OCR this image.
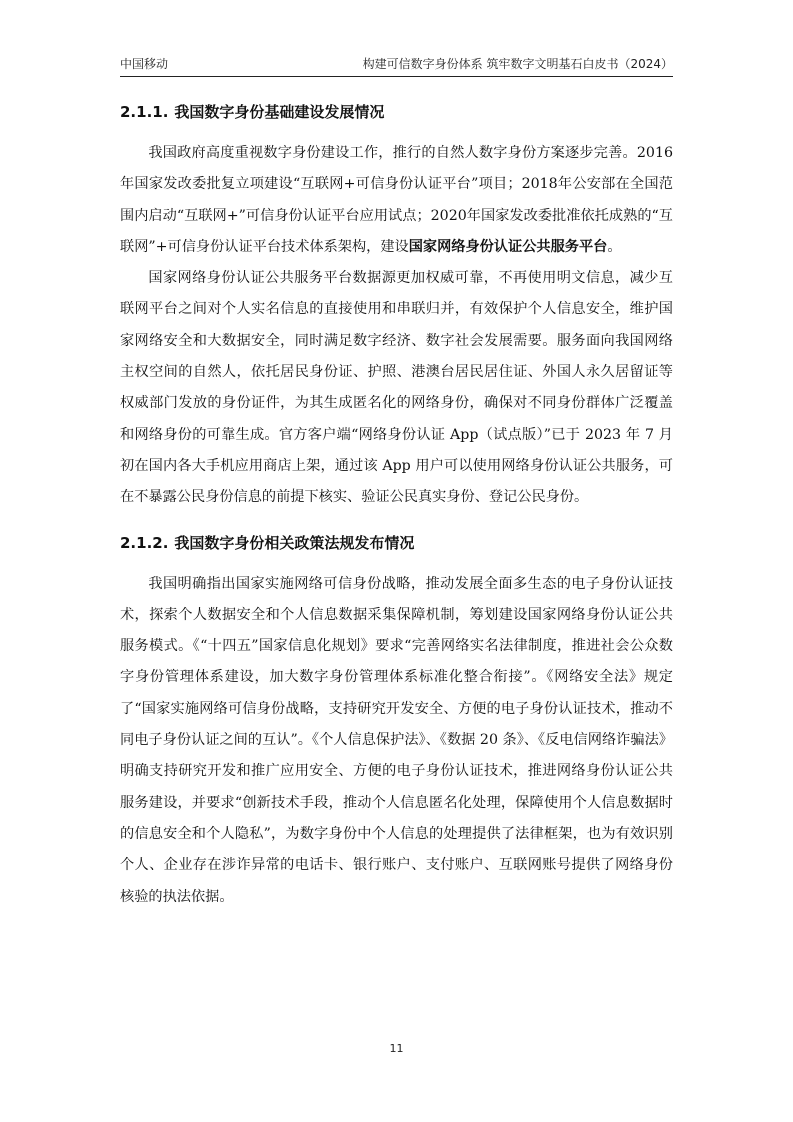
中国移动	构建可信数字身份体系 筑牢数字文明基石白皮书（2024）
2.1.1. 我国数字身份基础建设发展情况

我国政府高度重视数字身份建设工作，推行的自然人数字身份方案逐步完善。2016年国家发改委批复立项建设“互联网+可信身份认证平台”项目；2018年公安部在全国范围内启动“互联网+”可信身份认证平台应用试点；2020年国家发改委批准依托成熟的“互联网”+可信身份认证平台技术体系架构，建设国家网络身份认证公共服务平台。

国家网络身份认证公共服务平台数据源更加权威可靠，不再使用明文信息，减少互联网平台之间对个人实名信息的直接使用和串联归并，有效保护个人信息安全，维护国家网络安全和大数据安全，同时满足数字经济、数字社会发展需要。服务面向我国网络主权空间的自然人，依托居民身份证、护照、港澳台居民居住证、外国人永久居留证等权威部门发放的身份证件，为其生成匿名化的网络身份，确保对不同身份群体广泛覆盖和网络身份的可靠生成。官方客户端“网络身份认证 App（试点版）”已于 2023 年 7 月初在国内各大手机应用商店上架，通过该 App 用户可以使用网络身份认证公共服务，可在不暴露公民身份信息的前提下核实、验证公民真实身份、登记公民身份。

2.1.2. 我国数字身份相关政策法规发布情况

我国明确指出国家实施网络可信身份战略，推动发展全面多生态的电子身份认证技术，探索个人数据安全和个人信息数据采集保障机制，筹划建设国家网络身份认证公共服务模式。《“十四五”国家信息化规划》要求“完善网络实名法律制度，推进社会公众数字身份管理体系建设，加大数字身份管理体系标准化整合衔接”。《网络安全法》规定了“国家实施网络可信身份战略，支持研究开发安全、方便的电子身份认证技术，推动不同电子身份认证之间的互认”。《个人信息保护法》、《数据 20 条》、《反电信网络诈骗法》明确支持研究开发和推广应用安全、方便的电子身份认证技术，推进网络身份认证公共服务建设，并要求“创新技术手段，推动个人信息匿名化处理，保障使用个人信息数据时的信息安全和个人隐私”，为数字身份中个人信息的处理提供了法律框架，也为有效识别个人、企业存在涉诈异常的电话卡、银行账户、支付账户、互联网账号提供了网络身份核验的执法依据。

11
